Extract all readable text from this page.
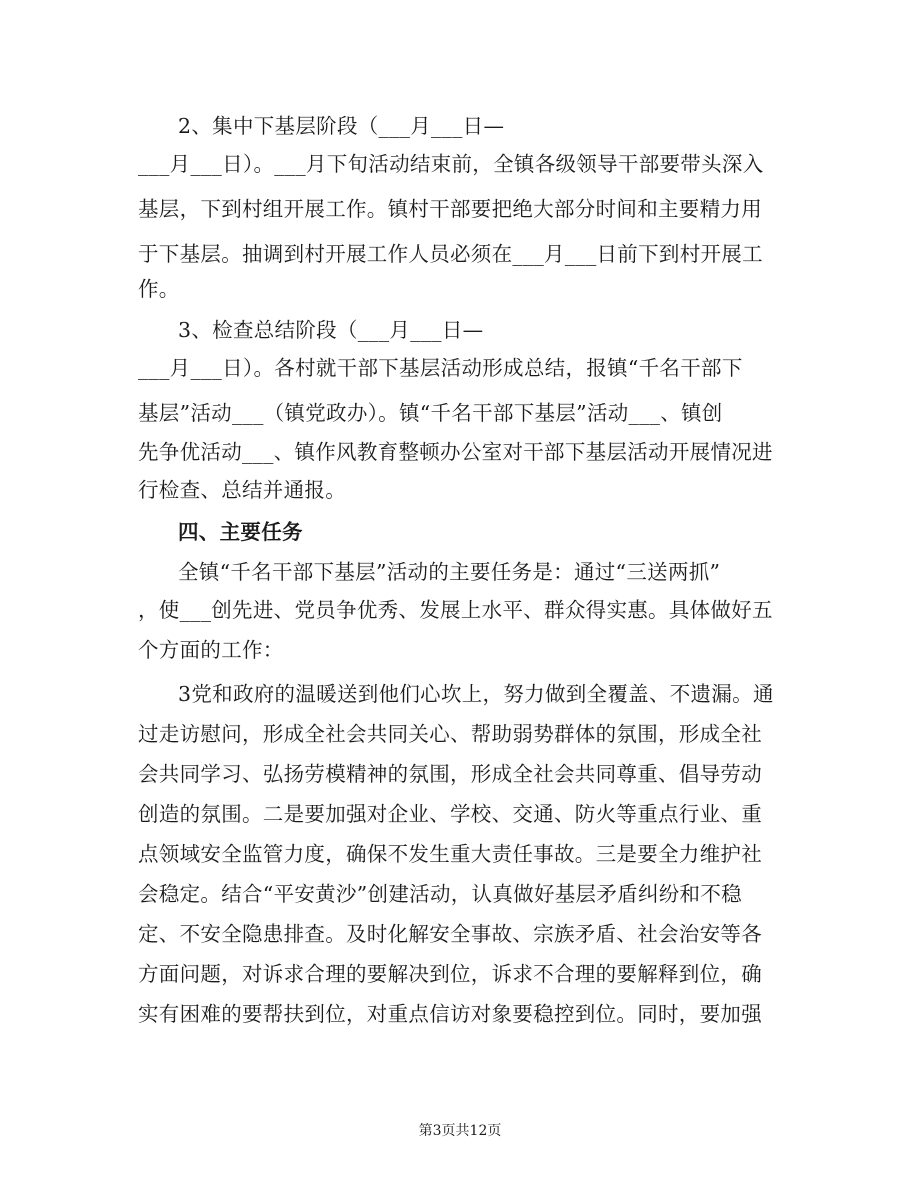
2、集中下基层阶段（___月___日—
___月___日）。___月下旬活动结束前，全镇各级领导干部要带头深入
基层，下到村组开展工作。镇村干部要把绝大部分时间和主要精力用
于下基层。抽调到村开展工作人员必须在___月___日前下到村开展工
作。
3、检查总结阶段（___月___日—
___月___日）。各村就干部下基层活动形成总结，报镇“千名干部下
基层”活动___（镇党政办）。镇“千名干部下基层”活动___、镇创
先争优活动___、镇作风教育整顿办公室对干部下基层活动开展情况进
行检查、总结并通报。
四、主要任务
全镇“千名干部下基层”活动的主要任务是：通过“三送两抓”
，使___创先进、党员争优秀、发展上水平、群众得实惠。具体做好五
个方面的工作：
3党和政府的温暖送到他们心坎上，努力做到全覆盖、不遗漏。通
过走访慰问，形成全社会共同关心、帮助弱势群体的氛围，形成全社
会共同学习、弘扬劳模精神的氛围，形成全社会共同尊重、倡导劳动
创造的氛围。二是要加强对企业、学校、交通、防火等重点行业、重
点领域安全监管力度，确保不发生重大责任事故。三是要全力维护社
会稳定。结合“平安黄沙”创建活动，认真做好基层矛盾纠纷和不稳
定、不安全隐患排查。及时化解安全事故、宗族矛盾、社会治安等各
方面问题，对诉求合理的要解决到位，诉求不合理的要解释到位，确
实有困难的要帮扶到位，对重点信访对象要稳控到位。同时，要加强
第3页共12页
